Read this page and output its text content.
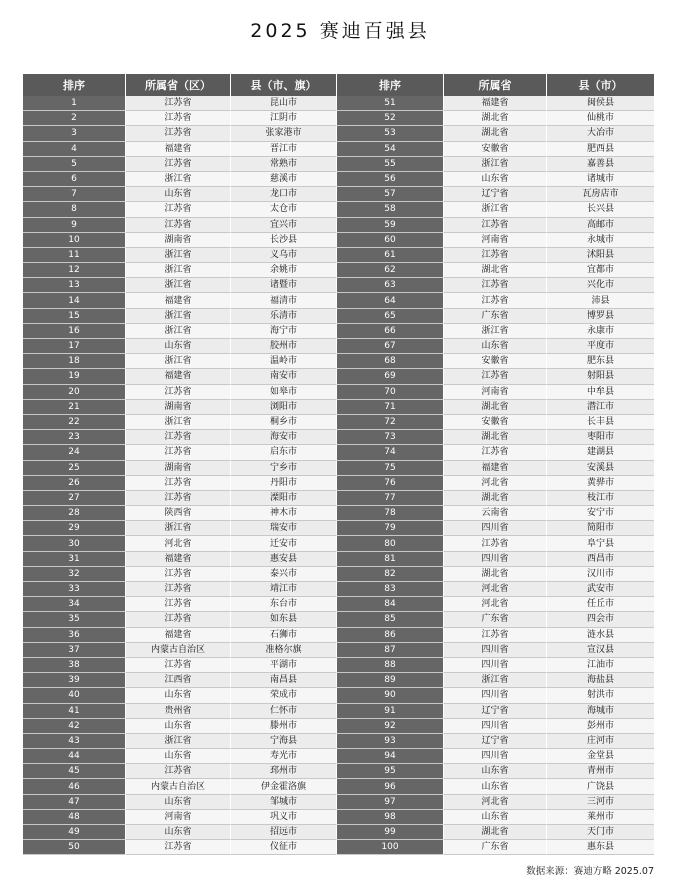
2025 赛迪百强县
排序	所属省（区）	县（市、旗）	排序	所属省	县（市）
1	江苏省	昆山市	51	福建省	闽侯县
2	江苏省	江阴市	52	湖北省	仙桃市
3	江苏省	张家港市	53	湖北省	大冶市
4	福建省	晋江市	54	安徽省	肥西县
5	江苏省	常熟市	55	浙江省	嘉善县
6	浙江省	慈溪市	56	山东省	诸城市
7	山东省	龙口市	57	辽宁省	瓦房店市
8	江苏省	太仓市	58	浙江省	长兴县
9	江苏省	宜兴市	59	江苏省	高邮市
10	湖南省	长沙县	60	河南省	永城市
11	浙江省	义乌市	61	江苏省	沭阳县
12	浙江省	余姚市	62	湖北省	宜都市
13	浙江省	诸暨市	63	江苏省	兴化市
14	福建省	福清市	64	江苏省	沛县
15	浙江省	乐清市	65	广东省	博罗县
16	浙江省	海宁市	66	浙江省	永康市
17	山东省	胶州市	67	山东省	平度市
18	浙江省	温岭市	68	安徽省	肥东县
19	福建省	南安市	69	江苏省	射阳县
20	江苏省	如皋市	70	河南省	中牟县
21	湖南省	浏阳市	71	湖北省	潜江市
22	浙江省	桐乡市	72	安徽省	长丰县
23	江苏省	海安市	73	湖北省	枣阳市
24	江苏省	启东市	74	江苏省	建湖县
25	湖南省	宁乡市	75	福建省	安溪县
26	江苏省	丹阳市	76	河北省	黄骅市
27	江苏省	溧阳市	77	湖北省	枝江市
28	陕西省	神木市	78	云南省	安宁市
29	浙江省	瑞安市	79	四川省	简阳市
30	河北省	迁安市	80	江苏省	阜宁县
31	福建省	惠安县	81	四川省	西昌市
32	江苏省	泰兴市	82	湖北省	汉川市
33	江苏省	靖江市	83	河北省	武安市
34	江苏省	东台市	84	河北省	任丘市
35	江苏省	如东县	85	广东省	四会市
36	福建省	石狮市	86	江苏省	涟水县
37	内蒙古自治区	准格尔旗	87	四川省	宣汉县
38	江苏省	平湖市	88	四川省	江油市
39	江西省	南昌县	89	浙江省	海盐县
40	山东省	荣成市	90	四川省	射洪市
41	贵州省	仁怀市	91	辽宁省	海城市
42	山东省	滕州市	92	四川省	彭州市
43	浙江省	宁海县	93	辽宁省	庄河市
44	山东省	寿光市	94	四川省	金堂县
45	江苏省	邳州市	95	山东省	青州市
46	内蒙古自治区	伊金霍洛旗	96	山东省	广饶县
47	山东省	邹城市	97	河北省	三河市
48	河南省	巩义市	98	山东省	莱州市
49	山东省	招远市	99	湖北省	天门市
50	江苏省	仪征市	100	广东省	惠东县
数据来源：赛迪方略 2025.07
